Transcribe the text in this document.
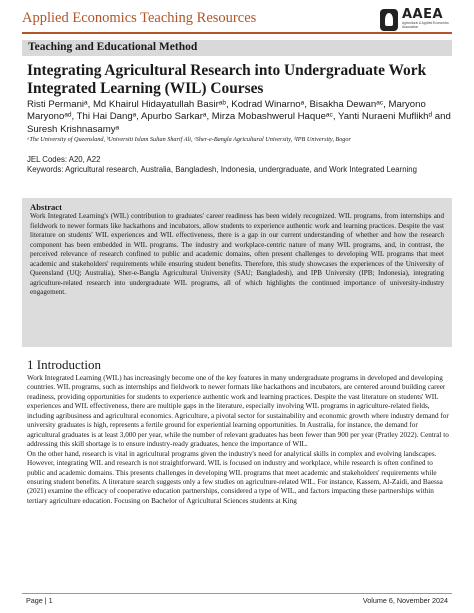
Applied Economics Teaching Resources	AAEA
Agricultural & Applied Economics Association
Teaching and Educational Method
Integrating Agricultural Research into Undergraduate Work Integrated Learning (WIL) Courses
Risti Permaniᵃ, Md Khairul Hidayatullah Basirᵃᵇ, Kodrad Winarnoᵃ, Bisakha Dewanᵃᶜ, Maryono Maryonoᵃᵈ, Thi Hai Dangᵃ, Apurbo Sarkarᵃ, Mirza Mobashwerul Haqueᵃᶜ, Yanti Nuraeni Muflikhᵈ and Suresh Krishnasamyᵃ
ᵃThe University of Queensland, ᵇUniversiti Islam Sultan Sharif Ali, ᶜSher-e-Bangla Agricultural University, ᵈIPB University, Bogor
JEL Codes: A20, A22
Keywords: Agricultural research, Australia, Bangladesh, Indonesia, undergraduate, and Work Integrated Learning
Abstract
Work Integrated Learning's (WIL) contribution to graduates' career readiness has been widely recognized. WIL programs, from internships and fieldwork to newer formats like hackathons and incubators, allow students to experience authentic work and learning practices. Despite the vast literature on students' WIL experiences and WIL effectiveness, there is a gap in our current understanding of whether and how the research component has been embedded in WIL programs. The industry and workplace-centric nature of many WIL programs, and, in contrast, the perceived relevance of research confined to public and academic domains, often present challenges to developing WIL programs that meet academic and stakeholders' requirements while ensuring student benefits. Therefore, this study showcases the experiences of the University of Queensland (UQ; Australia), Sher-e-Bangla Agricultural University (SAU; Bangladesh), and IPB University (IPB; Indonesia), integrating agriculture-related research into undergraduate WIL programs, all of which highlights the continued importance of university-industry engagement.
1 Introduction

Work Integrated Learning (WIL) has increasingly become one of the key features in many undergraduate programs in developed and developing countries. WIL programs, such as internships and fieldwork to newer formats like hackathons and incubators, are centered around building career readiness, providing opportunities for students to experience authentic work and learning practices. Despite the vast literature on students' WIL experiences and WIL effectiveness, there are multiple gaps in the literature, especially involving WIL programs in agriculture-related fields, including agribusiness and agricultural economics. Agriculture, a pivotal sector for sustainability and economic growth where industry demand for university graduates is high, represents a fertile ground for experiential learning opportunities. In Australia, for instance, the demand for agricultural graduates is at least 3,000 per year, while the number of relevant graduates has been fewer than 900 per year (Pratley 2022). Central to addressing this skill shortage is to ensure industry-ready graduates, hence the importance of WIL.

On the other hand, research is vital in agricultural programs given the industry's need for analytical skills in complex and evolving landscapes. However, integrating WIL and research is not straightforward. WIL is focused on industry and workplace, while research is often confined to public and academic domains. This presents challenges in developing WIL programs that meet academic and stakeholders' requirements while ensuring student benefits. A literature search suggests only a few studies on agriculture-related WIL. For instance, Kassem, Al-Zaidi, and Baessa (2021) examine the efficacy of cooperative education partnerships, considered a type of WIL, and factors impacting these partnerships within tertiary agriculture education. Focusing on Bachelor of Agricultural Sciences students at King

Page | 1	Volume 6, November 2024
